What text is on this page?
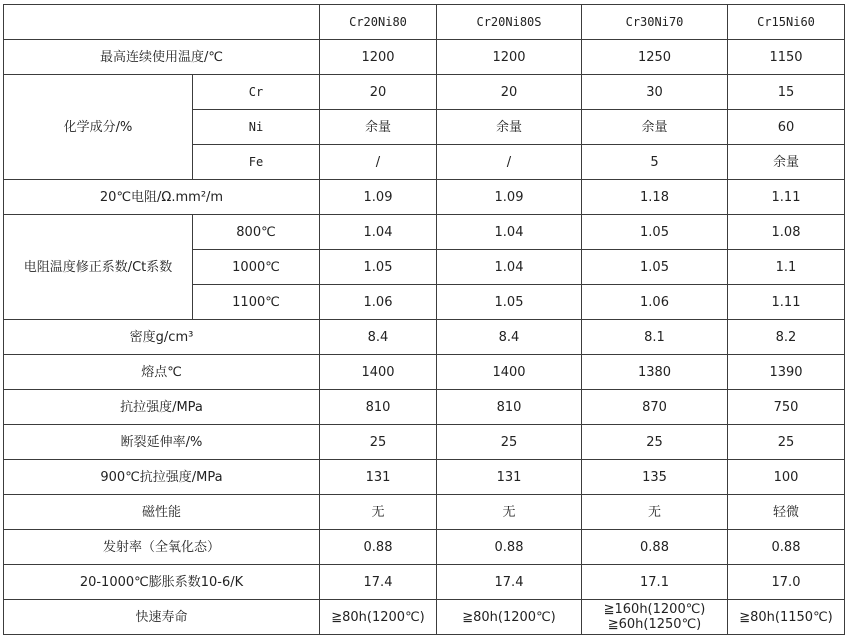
		Cr20Ni80	Cr20Ni80S	Cr30Ni70	Cr15Ni60
最高连续使用温度/℃		1200	1200	1250	1150
化学成分/%	Cr	20	20	30	15
	Ni	余量	余量	余量	60
	Fe	/	/	5	余量
20℃电阻/Ω.mm²/m		1.09	1.09	1.18	1.11
电阻温度修正系数/Ct系数	800℃	1.04	1.04	1.05	1.08
	1000℃	1.05	1.04	1.05	1.1
	1100℃	1.06	1.05	1.06	1.11
密度g/cm³		8.4	8.4	8.1	8.2
熔点℃		1400	1400	1380	1390
抗拉强度/MPa		810	810	870	750
断裂延伸率/%		25	25	25	25
900℃抗拉强度/MPa		131	131	135	100
磁性能		无	无	无	轻微
发射率（全氧化态）		0.88	0.88	0.88	0.88
20-1000℃膨胀系数10-6/K		17.4	17.4	17.1	17.0
快速寿命		≧80h(1200℃)	≧80h(1200℃)	≧160h(1200℃)
≧60h(1250℃)	≧80h(1150℃)
